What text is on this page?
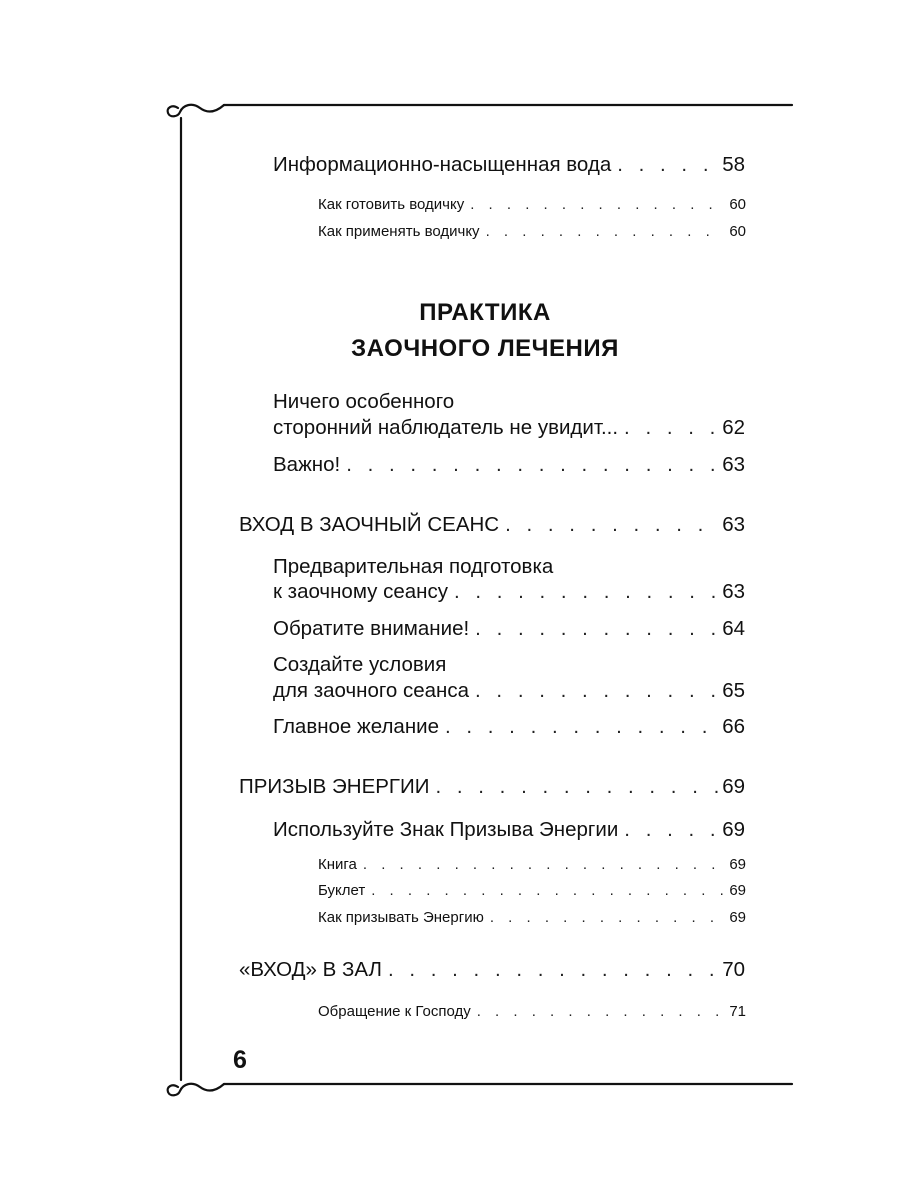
Информационно-насыщенная вода . . .	58
Как готовить водичку . . .	60
Как применять водичку . . .	60
ПРАКТИКА
ЗАОЧНОГО ЛЕЧЕНИЯ
Ничего особенного
сторонний наблюдатель не увидит... . . .	62
Важно! . . .	63
ВХОД В ЗАОЧНЫЙ СЕАНС . . .	63
Предварительная подготовка
к заочному сеансу . . .	63
Обратите внимание! . . .	64
Создайте условия
для заочного сеанса . . .	65
Главное желание . . .	66
ПРИЗЫВ ЭНЕРГИИ . . .	69
Используйте Знак Призыва Энергии . . .	69
Книга . . .	69
Буклет . . .	69
Как призывать Энергию . . .	69
«ВХОД» В ЗАЛ . . .	70
Обращение к Господу . . .	71
6
